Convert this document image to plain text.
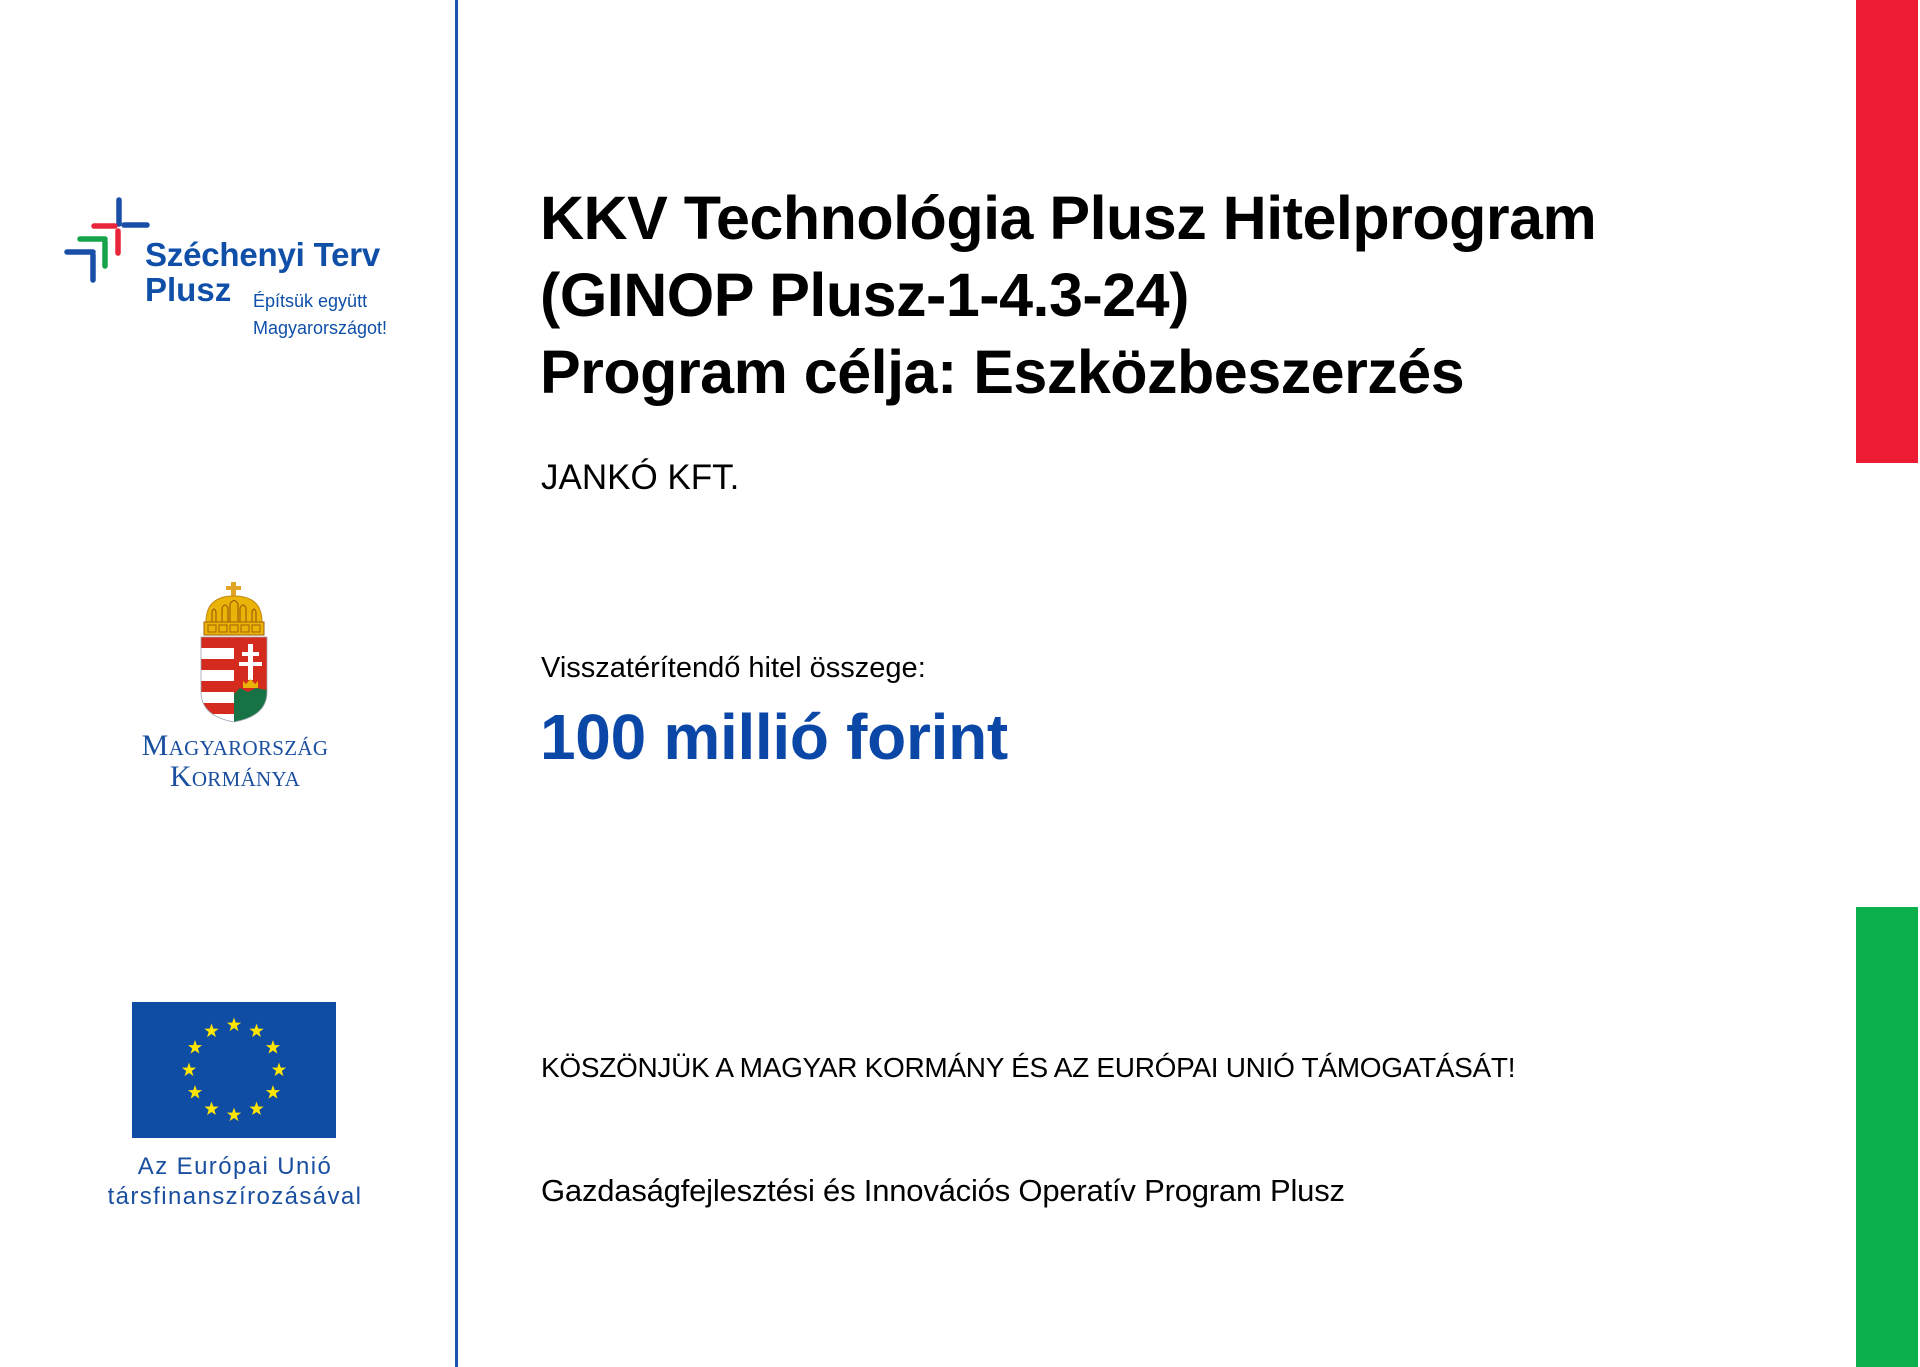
Széchenyi Terv
Plusz Építsük együtt
Magyarországot!
Magyarország
Kormánya
Az Európai Unió
társfinanszírozásával
KKV Technológia Plusz Hitelprogram
(GINOP Plusz-1-4.3-24)
Program célja: Eszközbeszerzés
JANKÓ KFT.
Visszatérítendő hitel összege:
100 millió forint
KÖSZÖNJÜK A MAGYAR KORMÁNY ÉS AZ EURÓPAI UNIÓ TÁMOGATÁSÁT!
Gazdaságfejlesztési és Innovációs Operatív Program Plusz
